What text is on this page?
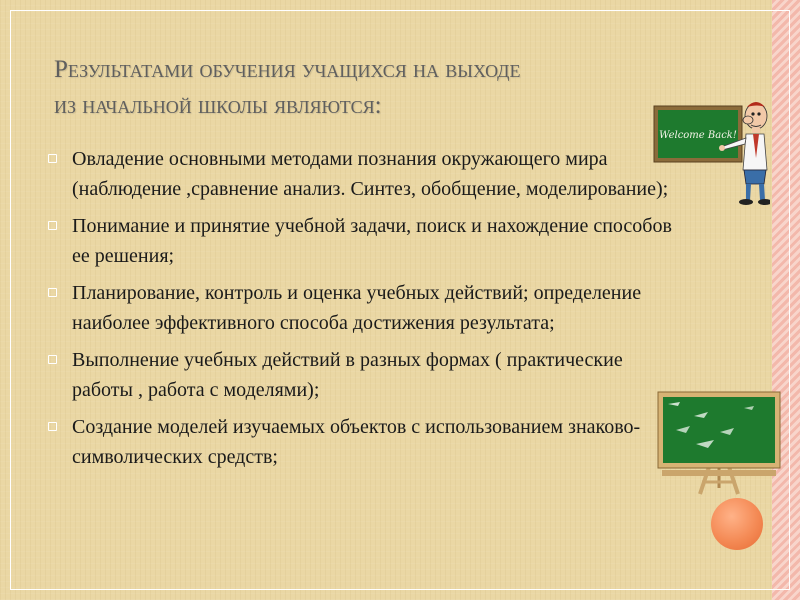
Результатами обучения учащихся на выходе
из начальной школы являются:
Овладение основными методами познания окружающего мира (наблюдение ,сравнение анализ. Синтез, обобщение, моделирование);
Понимание и принятие учебной задачи, поиск и нахождение способов ее решения;
Планирование, контроль и оценка учебных действий; определение наиболее эффективного способа достижения результата;
Выполнение учебных действий в разных формах ( практические работы , работа с моделями);
Создание моделей изучаемых объектов с использованием знаково- символических средств;
Welcome Back!
